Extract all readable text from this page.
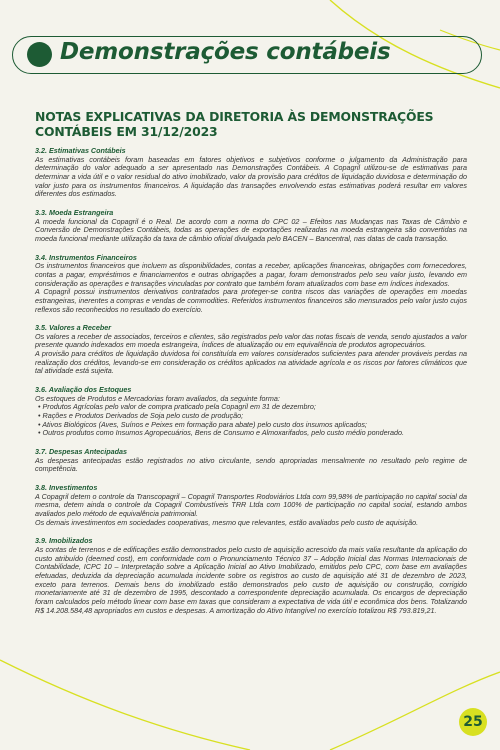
Demonstrações contábeis
NOTAS EXPLICATIVAS DA DIRETORIA ÀS DEMONSTRAÇÕES CONTÁBEIS EM 31/12/2023

3.2. Estimativas Contábeis

As estimativas contábeis foram baseadas em fatores objetivos e subjetivos conforme o julgamento da Administração para determinação do valor adequado a ser apresentado nas Demonstrações Contábeis. A Copagril utilizou-se de estimativas para determinar a vida útil e o valor residual do ativo imobilizado, valor da provisão para créditos de liquidação duvidosa e determinação do valor justo para os instrumentos financeiros. A liquidação das transações envolvendo estas estimativas poderá resultar em valores diferentes dos estimados.

3.3. Moeda Estrangeira

A moeda funcional da Copagril é o Real. De acordo com a norma do CPC 02 – Efeitos nas Mudanças nas Taxas de Câmbio e Conversão de Demonstrações Contábeis, todas as operações de exportações realizadas na moeda estrangeira são convertidas na moeda funcional mediante utilização da taxa de câmbio oficial divulgada pelo BACEN – Bancentral, nas datas de cada transação.

3.4. Instrumentos Financeiros

Os instrumentos financeiros que incluem as disponibilidades, contas a receber, aplicações financeiras, obrigações com fornecedores, contas a pagar, empréstimos e financiamentos e outras obrigações a pagar, foram demonstrados pelo seu valor justo, levando em consideração as operações e transações vinculadas por contrato que também foram atualizados com base em índices indexados.

A Copagril possui instrumentos derivativos contratados para proteger-se contra riscos das variações de operações em moedas estrangeiras, inerentes a compras e vendas de commodities. Referidos instrumentos financeiros são mensurados pelo valor justo cujos reflexos são reconhecidos no resultado do exercício.

3.5. Valores a Receber

Os valores a receber de associados, terceiros e clientes, são registrados pelo valor das notas fiscais de venda, sendo ajustados a valor presente quando indexados em moeda estrangeira, índices de atualização ou em equivalência de produtos agropecuários.

A provisão para créditos de liquidação duvidosa foi constituída em valores considerados suficientes para atender prováveis perdas na realização dos créditos, levando-se em consideração os créditos aplicados na atividade agrícola e os riscos por fatores climáticos que tal atividade está sujeita.

3.6. Avaliação dos Estoques

Os estoques de Produtos e Mercadorias foram avaliados, da seguinte forma:

• Produtos Agrícolas pelo valor de compra praticado pela Copagril em 31 de dezembro;
• Rações e Produtos Derivados de Soja pelo custo de produção;
• Ativos Biológicos (Aves, Suínos e Peixes em formação para abate) pelo custo dos insumos aplicados;
• Outros produtos como Insumos Agropecuários, Bens de Consumo e Almoxarifados, pelo custo médio ponderado.

3.7. Despesas Antecipadas

As despesas antecipadas estão registrados no ativo circulante, sendo apropriadas mensalmente no resultado pelo regime de competência.

3.8. Investimentos

A Copagril detem o controle da Transcopagril – Copagril Transportes Rodoviários Ltda com 99,98% de participação no capital social da mesma, detem ainda o controle da Copagril Combustíveis TRR Ltda com 100% de participação no capital social, estando ambos avaliados pelo método de equivalência patrimonial.

Os demais investimentos em sociedades cooperativas, mesmo que relevantes, estão avaliados pelo custo de aquisição.

3.9. Imobilizados

As contas de terrenos e de edificações estão demonstrados pelo custo de aquisição acrescido da mais valia resultante da aplicação do custo atribuído (deemed cost), em conformidade com o Pronunciamento Técnico 37 – Adoção Inicial das Normas Internacionais de Contabilidade, ICPC 10 – Interpretação sobre a Aplicação Inicial ao Ativo Imobilizado, emitidos pelo CPC, com base em avaliações efetuadas, deduzida da depreciação acumulada incidente sobre os registros ao custo de aquisição até 31 de dezembro de 2023, exceto para terrenos. Demais bens do imobilizado estão demonstrados pelo custo de aquisição ou construção, corrigido monetariamente até 31 de dezembro de 1995, descontado a correspondente depreciação acumulada. Os encargos de depreciação foram calculados pelo método linear com base em taxas que consideram a expectativa de vida útil e econômica dos bens. Totalizando R$ 14.208.584,48 apropriados em custos e despesas. A amortização do Ativo Intangível no exercício totalizou R$ 793.819,21.

25
